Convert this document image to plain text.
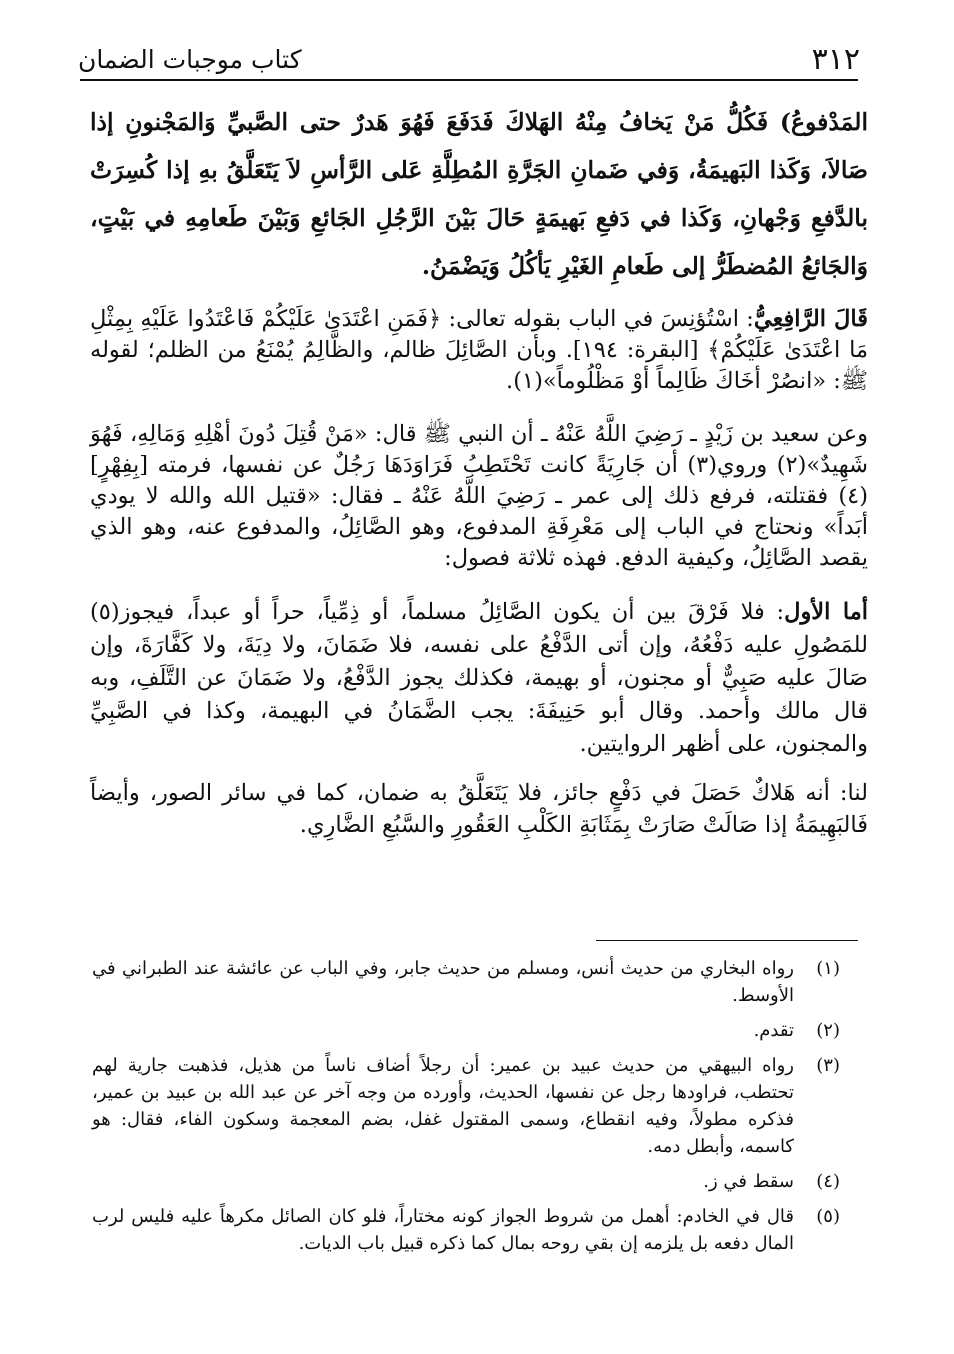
٣١٢
كتاب موجبات الضمان

المَدْفوعُ) فَكُلُّ مَنْ يَخافُ مِنْهُ الهَلاكَ فَدَفَعَ فَهُوَ هَدرٌ حتى الصَّبيِّ وَالمَجْنونِ إذا صَالاَ، وَكَذا البَهيمَةُ، وَفي ضَمانِ الجَرَّةِ المُطِلَّةِ عَلى الرَّأسِ لاَ يَتَعَلَّقُ بهِ إذا كُسِرَتْ بالدَّفعِ وَجْهانِ، وَكَذا في دَفعِ بَهيمَةٍ حَالَ بَيْنَ الرَّجُلِ الجَائعِ وَبَيْنَ طَعامِهِ في بَيْتٍ، وَالجَائعُ المُضطَرُّ إلى طَعامِ الغَيْرِ يَأكُلُ وَيَضْمَنُ.

قَالَ الرَّافِعِيُّ: اسْتُؤنِسَ في الباب بقوله تعالى: ﴿فَمَنِ اعْتَدَىٰ عَلَيْكُمْ فَاعْتَدُوا عَلَيْهِ بِمِثْلِ مَا اعْتَدَىٰ عَلَيْكُمْ﴾ [البقرة: ١٩٤]. وبأن الصَّائِلَ ظالم، والظَّالِمُ يُمْنَعُ من الظلم؛ لقوله ﷺ: «انصُرْ أخَاكَ ظَالِماً أوْ مَظْلُوماً»(١).

وعن سعيد بن زَيْدٍ ـ رَضِيَ اللَّهُ عَنْهُ ـ أن النبي ﷺ قال: «مَنْ قُتِلَ دُونَ أهْلِهِ وَمَالِهِ، فَهُوَ شَهِيدٌ»(٢) وروي(٣) أن جَارِيَةً كانت تَحْتَطِبُ فَرَاوَدَهَا رَجُلٌ عن نفسها، فرمته [بِفِهْرٍ](٤) فقتلته، فرفع ذلك إلى عمر ـ رَضِيَ اللَّهُ عَنْهُ ـ فقال: «قتيل الله والله لا يودي أبَداً» ونحتاج في الباب إلى مَعْرِفَةِ المدفوع، وهو الصَّائِلُ، والمدفوع عنه، وهو الذي يقصد الصَّائِلُ، وكيفية الدفع. فهذه ثلاثة فصول:

أما الأول: فلا فَرْقَ بين أن يكون الصَّائِلُ مسلماً، أو ذِمِّياً، حراً أو عبداً، فيجوز(٥) للمَصُولِ عليه دَفْعُهُ، وإن أتى الدَّفْعُ على نفسه، فلا ضَمَانَ، ولا دِيَةَ، ولا كَفَّارَةَ، وإن صَالَ عليه صَبِيٌّ أو مجنون، أو بهيمة، فكذلك يجوز الدَّفْعُ، ولا ضَمَانَ عن التَّلَفِ، وبه قال مالك وأحمد. وقال أبو حَنِيفَةَ: يجب الضَّمَانُ في البهيمة، وكذا في الصَّبِيِّ والمجنون، على أظهر الروايتين.

لنا: أنه هَلاكٌ حَصَلَ في دَفْعٍ جائز، فلا يَتَعَلَّقُ به ضمان، كما في سائر الصور، وأيضاً فَالبَهِيمَةُ إذا صَالَتْ صَارَتْ بِمَثَابَةِ الكَلْبِ العَقُورِ والسَّبُعِ الضَّارِي.

(١)
رواه البخاري من حديث أنس، ومسلم من حديث جابر، وفي الباب عن عائشة عند الطبراني في الأوسط.
(٢)
تقدم.
(٣)
رواه البيهقي من حديث عبيد بن عمير: أن رجلاً أضاف ناساً من هذيل، فذهبت جارية لهم تحتطب، فراودها رجل عن نفسها، الحديث، وأورده من وجه آخر عن عبد الله بن عبيد بن عمير، فذكره مطولاً، وفيه انقطاع، وسمى المقتول غفل، بضم المعجمة وسكون الفاء، فقال: هو كاسمه، وأبطل دمه.
(٤)
سقط في ز.
(٥)
قال في الخادم: أهمل من شروط الجواز كونه مختاراً، فلو كان الصائل مكرهاً عليه فليس لرب المال دفعه بل يلزمه إن بقي روحه بمال كما ذكره قبيل باب الديات.
